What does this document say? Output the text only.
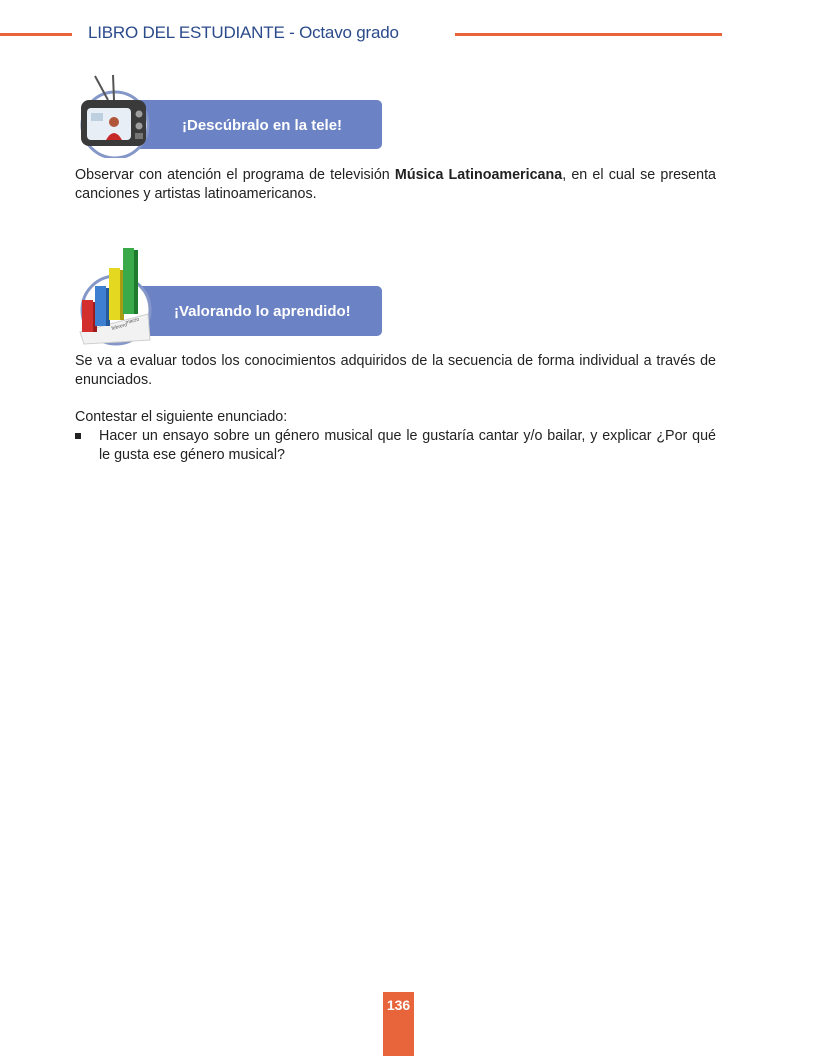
LIBRO DEL ESTUDIANTE - Octavo grado
¡Descúbralo en la tele!

Observar con atención el programa de televisión Música Latinoamericana, en el cual se presenta canciones y artistas latinoamericanos.

marzo
febrero
¡Valorando lo aprendido!

Se va a evaluar todos los conocimientos adquiridos de la secuencia de forma individual a través de enunciados.

Contestar el siguiente enunciado:

Hacer un ensayo sobre un género musical que le gustaría cantar y/o bailar, y explicar ¿Por qué le gusta ese género musical?
136
